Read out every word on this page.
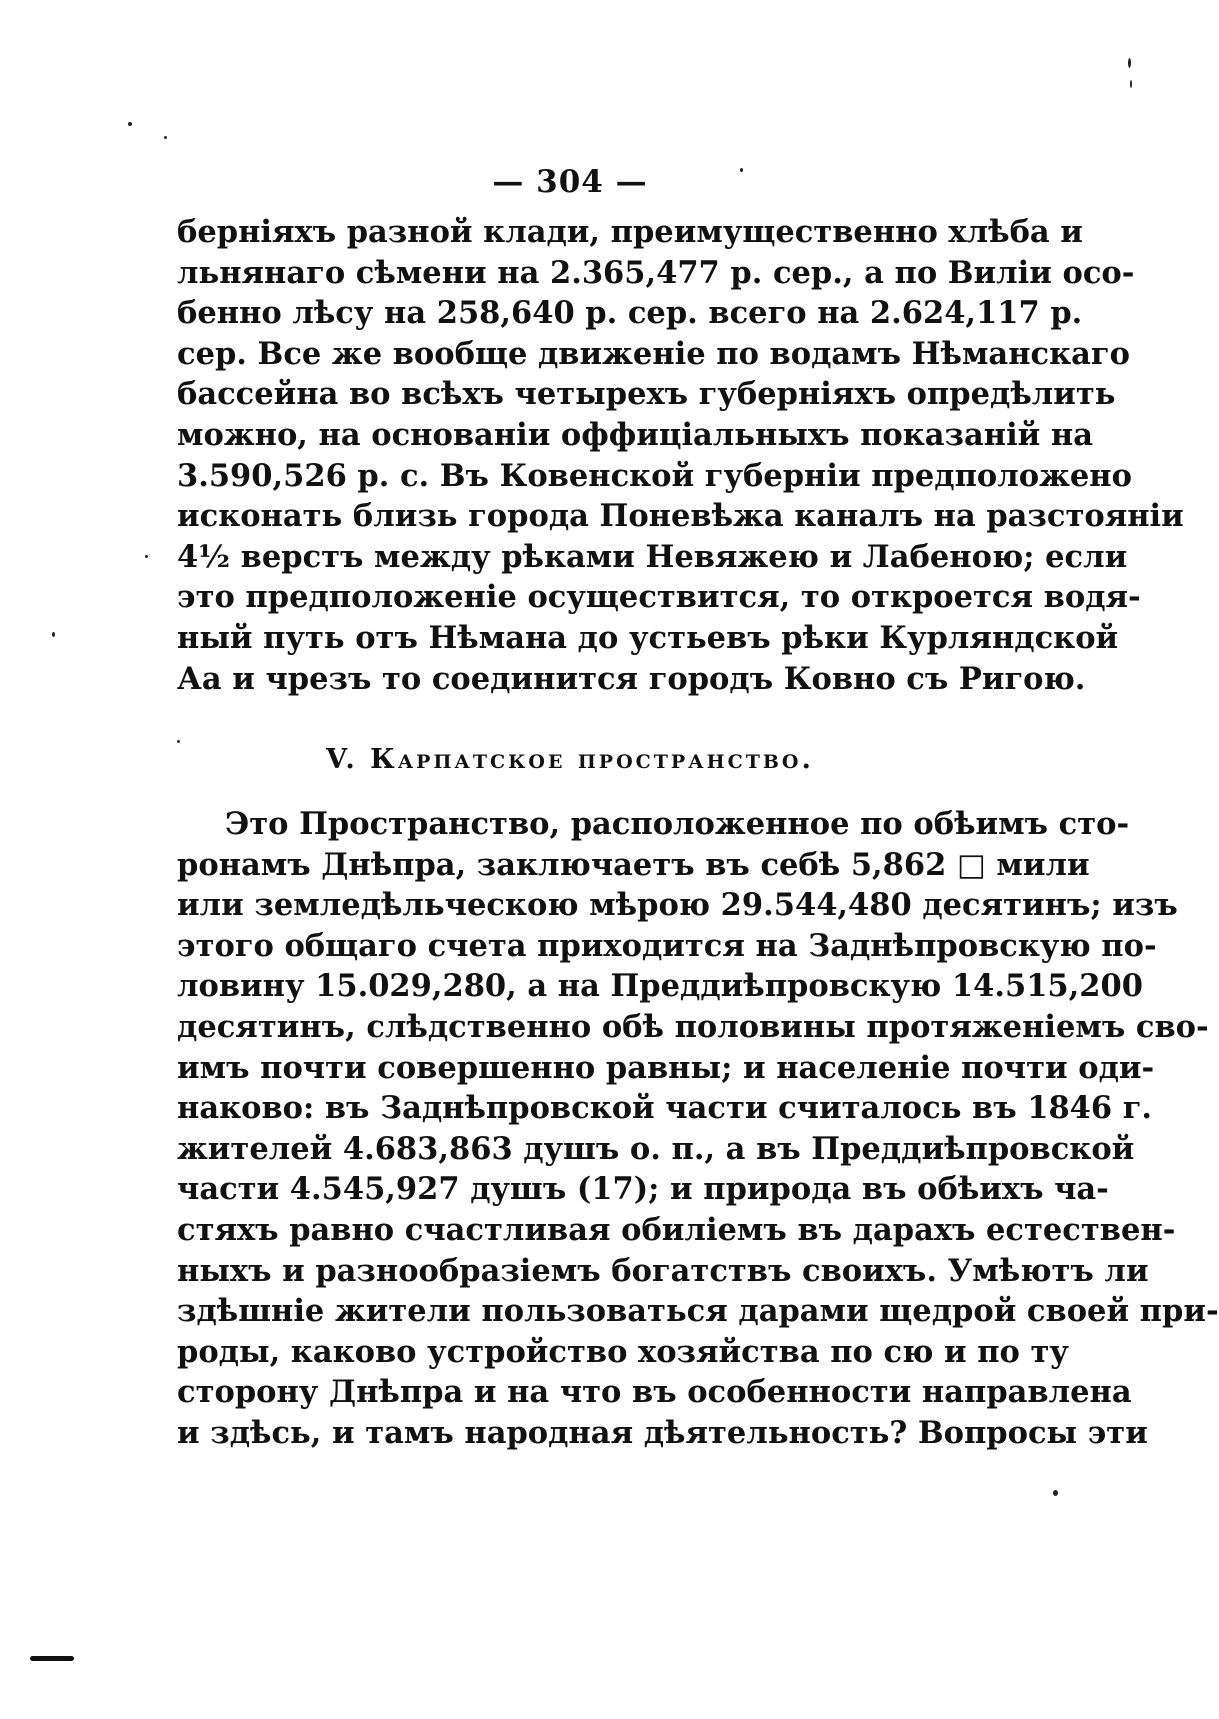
— 304 —
берніяхъ разной клади, преимущественно хлѣба и
льнянаго сѣмени на 2.365,477 р. сер., а по Виліи осо-
бенно лѣсу на 258,640 р. сер. всего на 2.624,117 р.
сер. Все же вообще движеніе по водамъ Нѣманскаго
бассейна во всѣхъ четырехъ губерніяхъ опредѣлить
можно, на основаніи оффиціальныхъ показаній на
3.590,526 р. с. Въ Ковенской губерніи предположено
исконать близь города Поневѣжа каналъ на разстояніи
4½ верстъ между рѣками Невяжею и Лабенoю; если
это предположеніе осуществится, то откроется водя-
ный путь отъ Нѣмана до устьевъ рѣки Курляндской
Аа и чрезъ то соединится городъ Ковно съ Ригою.
V. Карпатское пространство.
Это Пространство, расположенное по обѣимъ сто-
ронамъ Днѣпра, заключаетъ въ себѣ 5,862 □ мили
или земледѣльческою мѣрою 29.544,480 десятинъ; изъ
этого общаго счета приходится на Заднѣпровскую по-
ловину 15.029,280, а на Преддиѣпровскую 14.515,200
десятинъ, слѣдственно обѣ половины протяженіемъ сво-
имъ почти совершенно равны; и населеніе почти оди-
наково: въ Заднѣпровской части считалось въ 1846 г.
жителей 4.683,863 душъ о. п., а въ Преддиѣпровской
части 4.545,927 душъ (17); и природа въ обѣихъ ча-
стяхъ равно счастливая обиліемъ въ дарахъ естествен-
ныхъ и разнообразіемъ богатствъ своихъ. Умѣютъ ли
здѣшніе жители пользоваться дарами щедрой своей при-
роды, каково устройство хозяйства по сю и по ту
сторону Днѣпра и на что въ особенности направлена
и здѣсь, и тамъ народная дѣятельность? Вопросы эти
